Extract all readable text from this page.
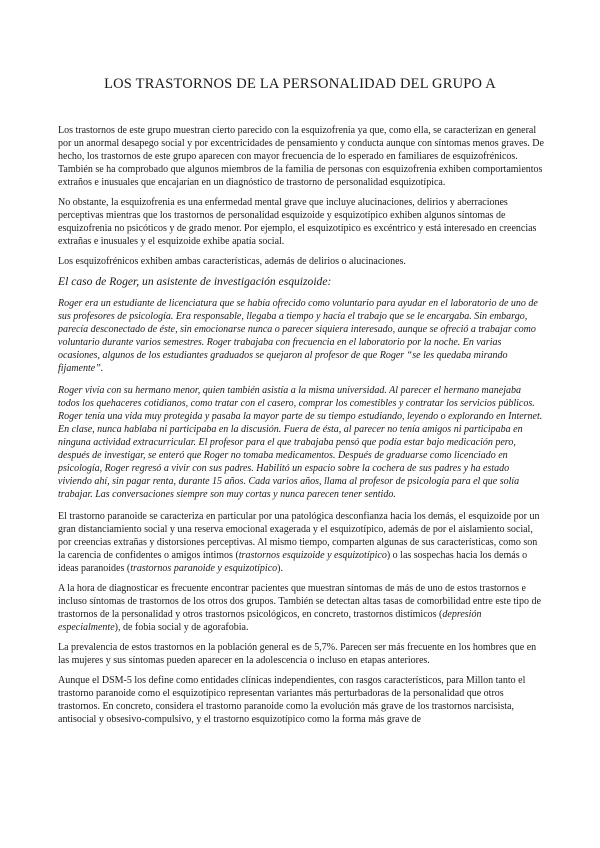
LOS TRASTORNOS DE LA PERSONALIDAD DEL GRUPO A

Los trastornos de este grupo muestran cierto parecido con la esquizofrenia ya que, como ella, se caracterizan en general por un anormal desapego social y por excentricidades de pensamiento y conducta aunque con síntomas menos graves. De hecho, los trastornos de este grupo aparecen con mayor frecuencia de lo esperado en familiares de esquizofrénicos. También se ha comprobado que algunos miembros de la familia de personas con esquizofrenia exhiben comportamientos extraños e inusuales que encajarían en un diagnóstico de trastorno de personalidad esquizotípica.

No obstante, la esquizofrenia es una enfermedad mental grave que incluye alucinaciones, delirios y aberraciones perceptivas mientras que los trastornos de personalidad esquizoide y esquizotípico exhiben algunos síntomas de esquizofrenia no psicóticos y de grado menor. Por ejemplo, el esquizotípico es excéntrico y está interesado en creencias extrañas e inusuales y el esquizoide exhibe apatía social.

Los esquizofrénicos exhiben ambas características, además de delirios o alucinaciones.

El caso de Roger, un asistente de investigación esquizoide:

Roger era un estudiante de licenciatura que se había ofrecido como voluntario para ayudar en el laboratorio de uno de sus profesores de psicología. Era responsable, llegaba a tiempo y hacía el trabajo que se le encargaba. Sin embargo, parecía desconectado de éste, sin emocionarse nunca o parecer siquiera interesado, aunque se ofreció a trabajar como voluntario durante varios semestres. Roger trabajaba con frecuencia en el laboratorio por la noche. En varias ocasiones, algunos de los estudiantes graduados se quejaron al profesor de que Roger “se les quedaba mirando fijamente”.

Roger vivía con su hermano menor, quien también asistía a la misma universidad. Al parecer el hermano manejaba todos los quehaceres cotidianos, como tratar con el casero, comprar los comestibles y contratar los servicios públicos. Roger tenía una vida muy protegida y pasaba la mayor parte de su tiempo estudiando, leyendo o explorando en Internet. En clase, nunca hablaba ni participaba en la discusión. Fuera de ésta, al parecer no tenía amigos ni participaba en ninguna actividad extracurricular. El profesor para el que trabajaba pensó que podía estar bajo medicación pero, después de investigar, se enteró que Roger no tomaba medicamentos. Después de graduarse como licenciado en psicología, Roger regresó a vivir con sus padres. Habilitó un espacio sobre la cochera de sus padres y ha estado viviendo ahí, sin pagar renta, durante 15 años. Cada varios años, llama al profesor de psicología para el que solía trabajar. Las conversaciones siempre son muy cortas y nunca parecen tener sentido.

El trastorno paranoide se caracteriza en particular por una patológica desconfianza hacia los demás, el esquizoide por un gran distanciamiento social y una reserva emocional exagerada y el esquizotípico, además de por el aislamiento social, por creencias extrañas y distorsiones perceptivas. Al mismo tiempo, comparten algunas de sus características, como son la carencia de confidentes o amigos íntimos (trastornos esquizoide y esquizotípico) o las sospechas hacia los demás o ideas paranoides (trastornos paranoide y esquizotípico).

A la hora de diagnosticar es frecuente encontrar pacientes que muestran síntomas de más de uno de estos trastornos e incluso síntomas de trastornos de los otros dos grupos. También se detectan altas tasas de comorbilidad entre este tipo de trastornos de la personalidad y otros trastornos psicológicos, en concreto, trastornos distímicos (depresión especialmente), de fobia social y de agorafobia.

La prevalencia de estos trastornos en la población general es de 5,7%. Parecen ser más frecuente en los hombres que en las mujeres y sus síntomas pueden aparecer en la adolescencia o incluso en etapas anteriores.

Aunque el DSM-5 los define como entidades clínicas independientes, con rasgos característicos, para Millon tanto el trastorno paranoide como el esquizotípico representan variantes más perturbadoras de la personalidad que otros trastornos. En concreto, considera el trastorno paranoide como la evolución más grave de los trastornos narcisista, antisocial y obsesivo-compulsivo, y el trastorno esquizotípico como la forma más grave de
